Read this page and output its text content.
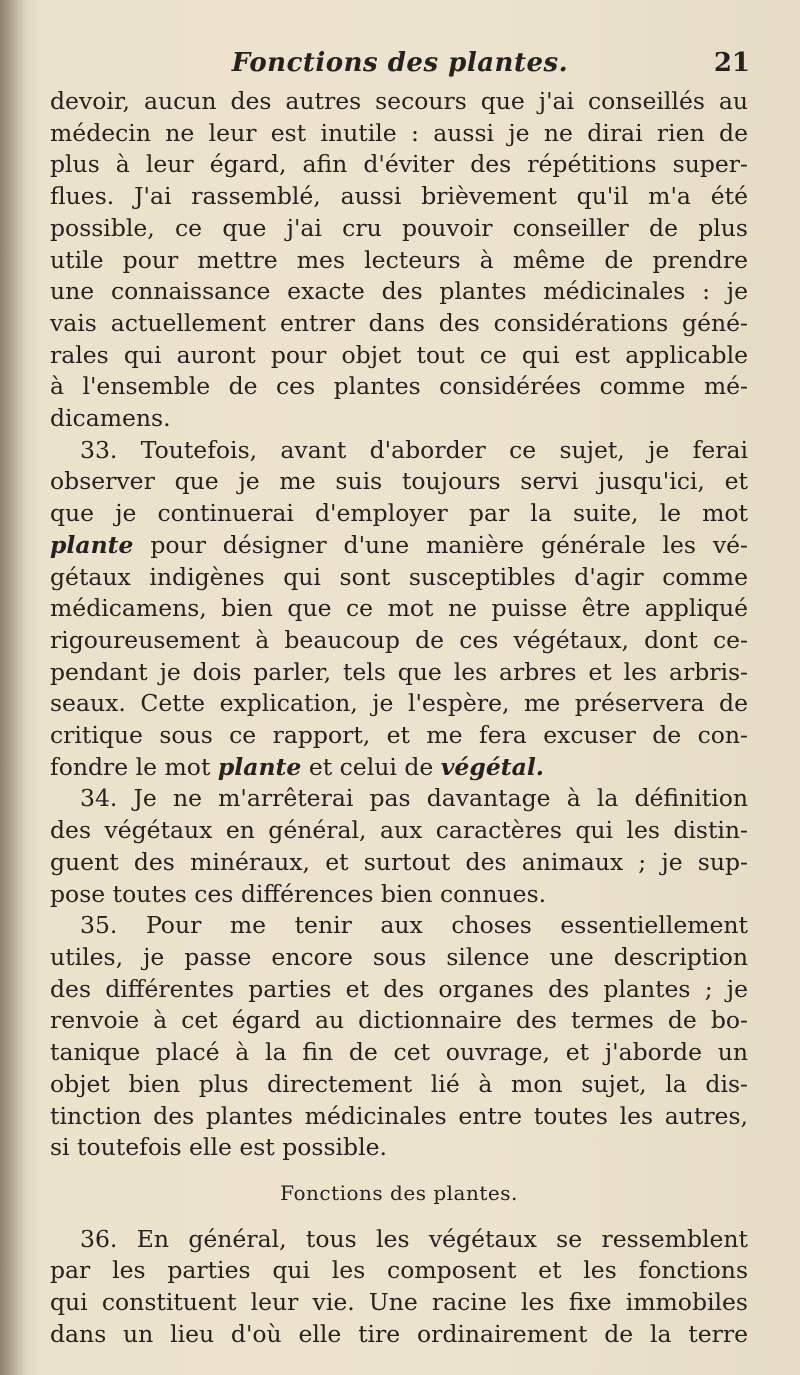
Fonctions des plantes.	21
devoir, aucun des autres secours que j'ai conseillés au
médecin ne leur est inutile : aussi je ne dirai rien de
plus à leur égard, afin d'éviter des répétitions super-
flues. J'ai rassemblé, aussi brièvement qu'il m'a été
possible, ce que j'ai cru pouvoir conseiller de plus
utile pour mettre mes lecteurs à même de prendre
une connaissance exacte des plantes médicinales : je
vais actuellement entrer dans des considérations géné-
rales qui auront pour objet tout ce qui est applicable
à l'ensemble de ces plantes considérées comme mé-
dicamens.
33. Toutefois, avant d'aborder ce sujet, je ferai
observer que je me suis toujours servi jusqu'ici, et
que je continuerai d'employer par la suite, le mot
plante pour désigner d'une manière générale les vé-
gétaux indigènes qui sont susceptibles d'agir comme
médicamens, bien que ce mot ne puisse être appliqué
rigoureusement à beaucoup de ces végétaux, dont ce-
pendant je dois parler, tels que les arbres et les arbris-
seaux. Cette explication, je l'espère, me préservera de
critique sous ce rapport, et me fera excuser de con-
fondre le mot plante et celui de végétal.
34. Je ne m'arrêterai pas davantage à la définition
des végétaux en général, aux caractères qui les distin-
guent des minéraux, et surtout des animaux ; je sup-
pose toutes ces différences bien connues.
35. Pour me tenir aux choses essentiellement
utiles, je passe encore sous silence une description
des différentes parties et des organes des plantes ; je
renvoie à cet égard au dictionnaire des termes de bo-
tanique placé à la fin de cet ouvrage, et j'aborde un
objet bien plus directement lié à mon sujet, la dis-
tinction des plantes médicinales entre toutes les autres,
si toutefois elle est possible.
Fonctions des plantes.
36. En général, tous les végétaux se ressemblent
par les parties qui les composent et les fonctions
qui constituent leur vie. Une racine les fixe immobiles
dans un lieu d'où elle tire ordinairement de la terre
